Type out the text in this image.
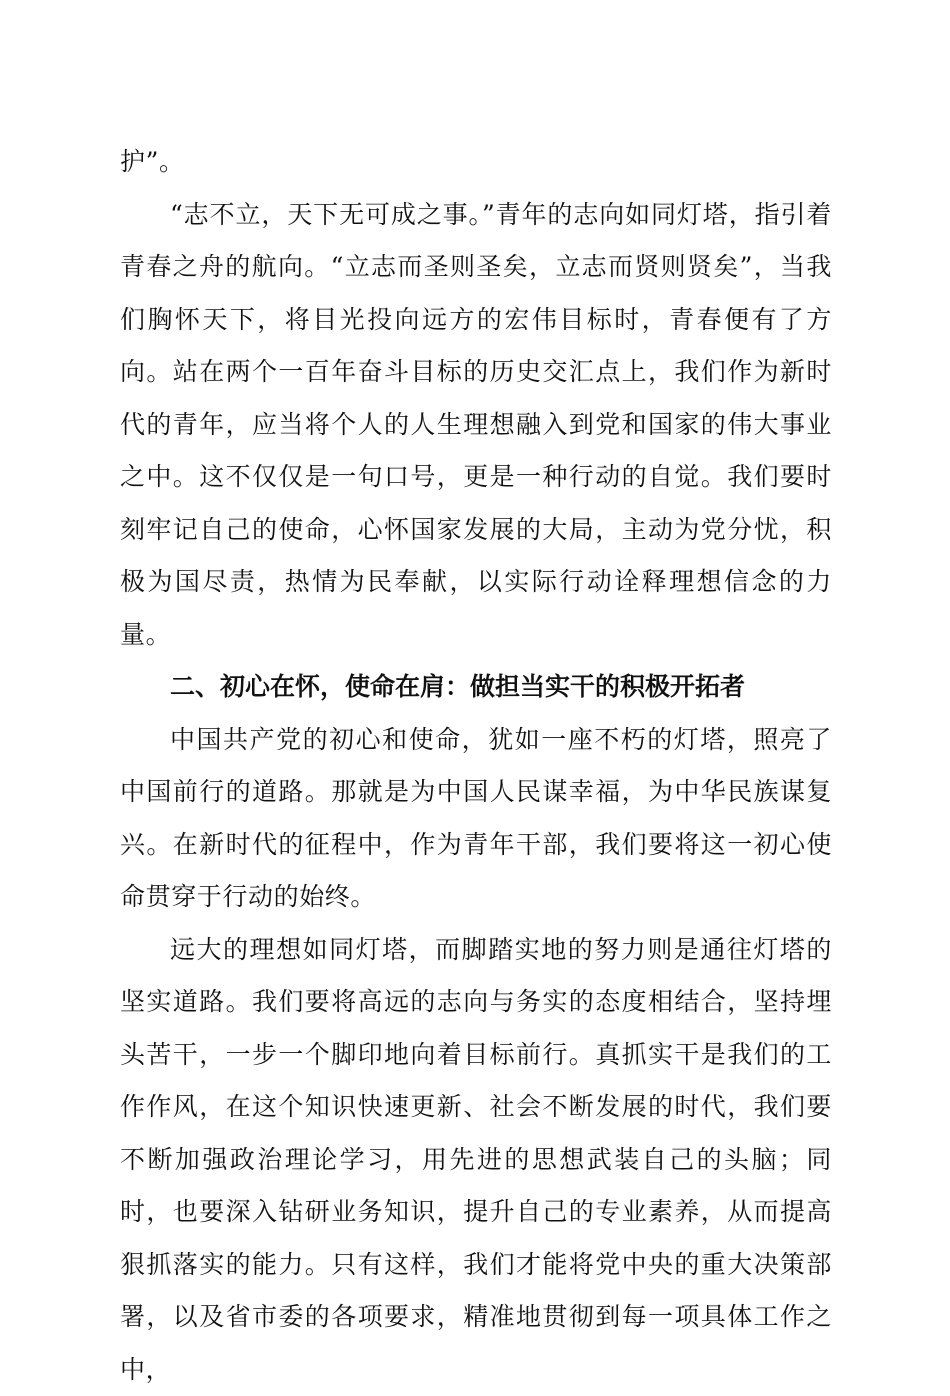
护”。

“志不立，天下无可成之事。”青年的志向如同灯塔，指引着青春之舟的航向。“立志而圣则圣矣，立志而贤则贤矣”，当我们胸怀天下，将目光投向远方的宏伟目标时，青春便有了方向。站在两个一百年奋斗目标的历史交汇点上，我们作为新时代的青年，应当将个人的人生理想融入到党和国家的伟大事业之中。这不仅仅是一句口号，更是一种行动的自觉。我们要时刻牢记自己的使命，心怀国家发展的大局，主动为党分忧，积极为国尽责，热情为民奉献，以实际行动诠释理想信念的力量。

二、初心在怀，使命在肩：做担当实干的积极开拓者

中国共产党的初心和使命，犹如一座不朽的灯塔，照亮了中国前行的道路。那就是为中国人民谋幸福，为中华民族谋复兴。在新时代的征程中，作为青年干部，我们要将这一初心使命贯穿于行动的始终。

远大的理想如同灯塔，而脚踏实地的努力则是通往灯塔的坚实道路。我们要将高远的志向与务实的态度相结合，坚持埋头苦干，一步一个脚印地向着目标前行。真抓实干是我们的工作作风，在这个知识快速更新、社会不断发展的时代，我们要不断加强政治理论学习，用先进的思想武装自己的头脑；同时，也要深入钻研业务知识，提升自己的专业素养，从而提高狠抓落实的能力。只有这样，我们才能将党中央的重大决策部署，以及省市委的各项要求，精准地贯彻到每一项具体工作之中，
